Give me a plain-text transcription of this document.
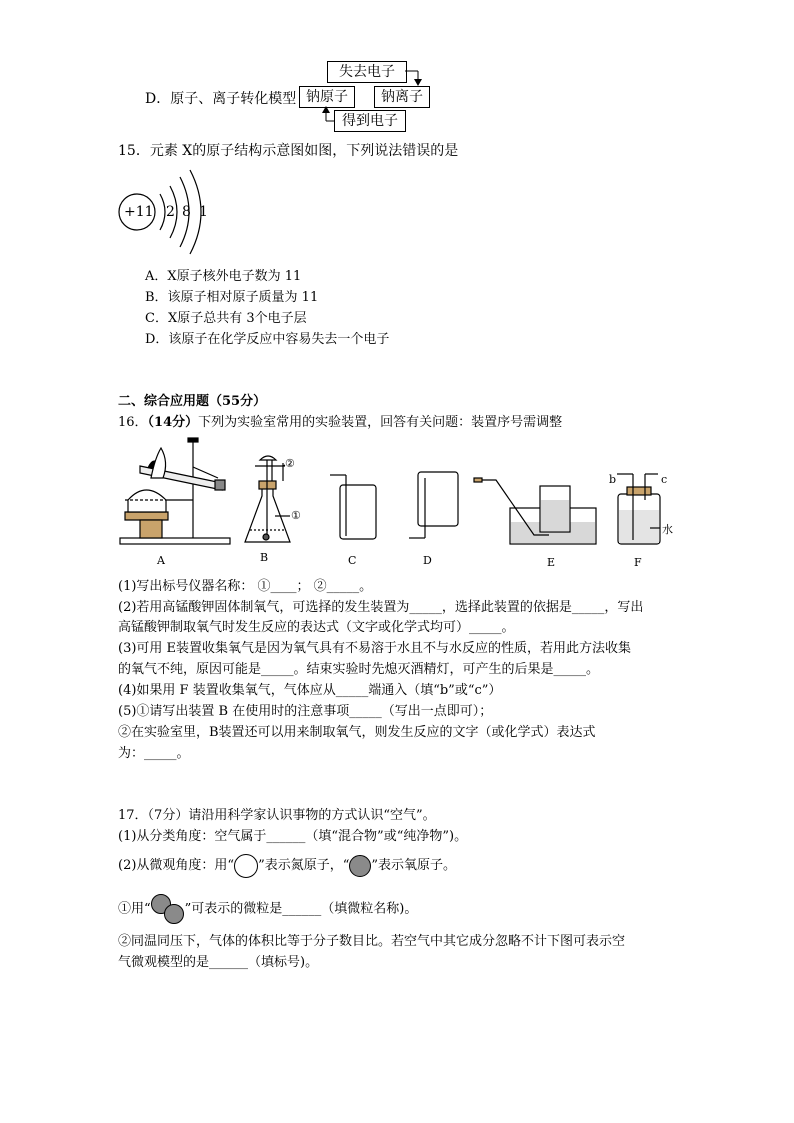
D．原子、离子转化模型
失去电子
钠原子	钠离子
得到电子
15．元素 X的原子结构示意图如图，下列说法错误的是
+11 2 8 1
A．X原子核外电子数为 11
B．该原子相对原子质量为 11
C．X原子总共有 3个电子层
D．该原子在化学反应中容易失去一个电子
二、综合应用题（55分）
16．（14分）下列为实验室常用的实验装置，回答有关问题：装置序号需调整
A	B	C	D	E	F
①
②
b	c
水
(1)写出标号仪器名称： ①____； ②_____。
(2)若用高锰酸钾固体制氧气，可选择的发生装置为_____，选择此装置的依据是_____，写出
高锰酸钾制取氧气时发生反应的表达式（文字或化学式均可）_____。
(3)可用 E装置收集氧气是因为氧气具有不易溶于水且不与水反应的性质，若用此方法收集
的氧气不纯，原因可能是_____。结束实验时先熄灭酒精灯，可产生的后果是_____。
(4)如果用 F 装置收集氧气，气体应从_____端通入（填“b”或“c”）
(5)①请写出装置 B 在使用时的注意事项_____（写出一点即可）；
②在实验室里，B装置还可以用来制取氧气，则发生反应的文字（或化学式）表达式
为：_____。
17．（7分）请沿用科学家认识事物的方式认识“空气”。
(1)从分类角度：空气属于______（填“混合物”或“纯净物”)。
(2)从微观角度：用“ ”表示氮原子，“ ”表示氧原子。
①用“	”可表示的微粒是______（填微粒名称)。
②同温同压下，气体的体积比等于分子数目比。若空气中其它成分忽略不计下图可表示空
气微观模型的是______（填标号)。
